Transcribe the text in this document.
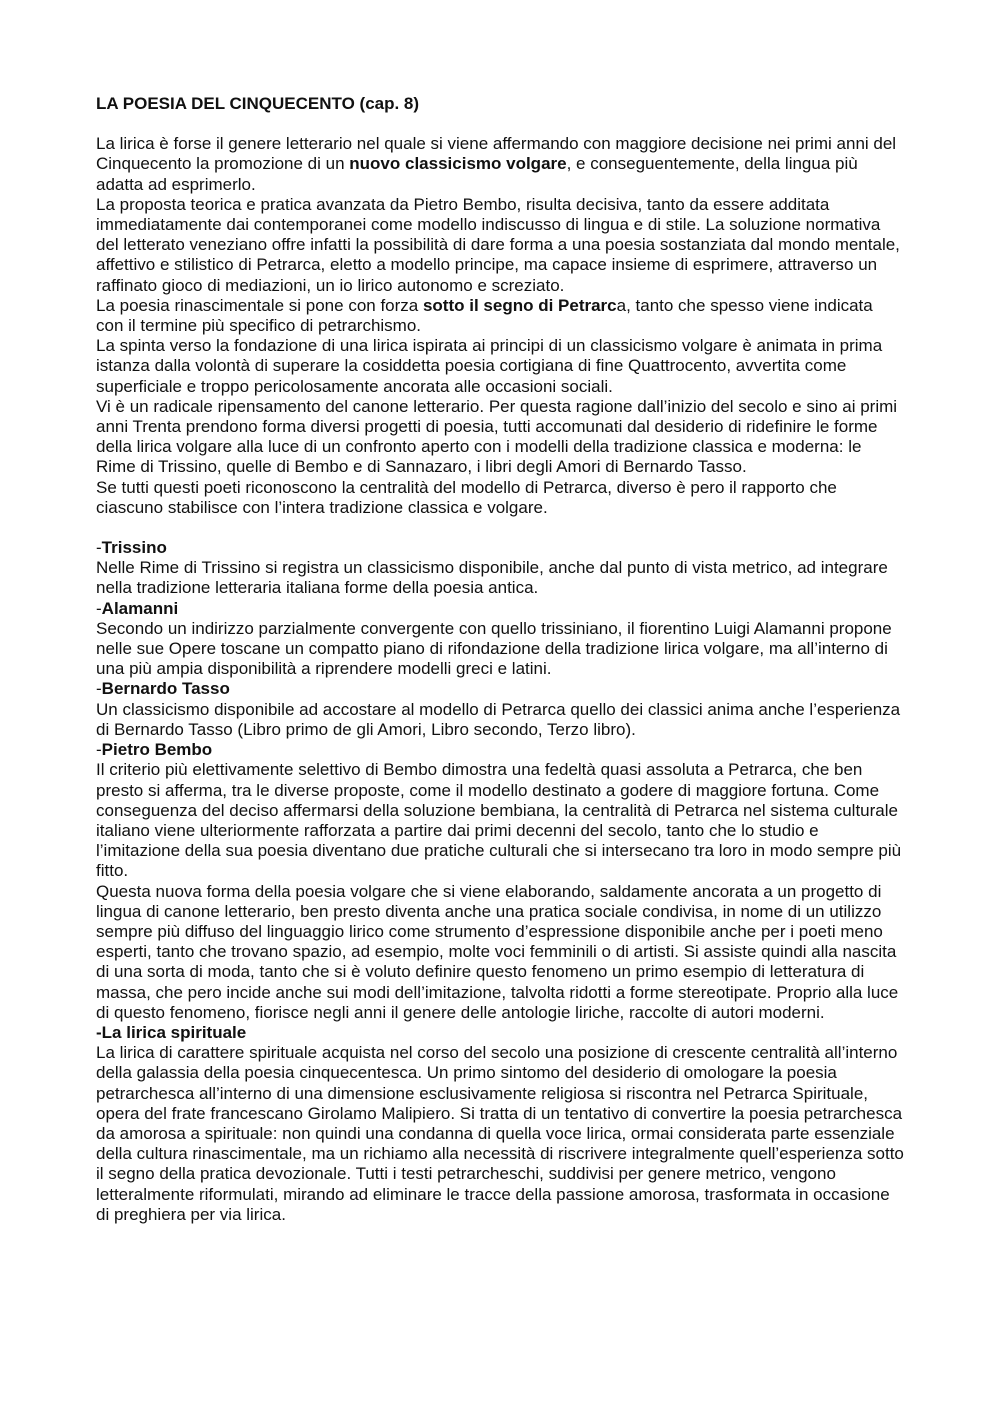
LA POESIA DEL CINQUECENTO (cap. 8)

La lirica è forse il genere letterario nel quale si viene affermando con maggiore decisione nei primi anni del Cinquecento la promozione di un nuovo classicismo volgare, e conseguentemente, della lingua più adatta ad esprimerlo.

La proposta teorica e pratica avanzata da Pietro Bembo, risulta decisiva, tanto da essere additata immediatamente dai contemporanei come modello indiscusso di lingua e di stile. La soluzione normativa del letterato veneziano offre infatti la possibilità di dare forma a una poesia sostanziata dal mondo mentale, affettivo e stilistico di Petrarca, eletto a modello principe, ma capace insieme di esprimere, attraverso un raffinato gioco di mediazioni, un io lirico autonomo e screziato.

La poesia rinascimentale si pone con forza sotto il segno di Petrarca, tanto che spesso viene indicata con il termine più specifico di petrarchismo.

La spinta verso la fondazione di una lirica ispirata ai principi di un classicismo volgare è animata in prima istanza dalla volontà di superare la cosiddetta poesia cortigiana di fine Quattrocento, avvertita come superficiale e troppo pericolosamente ancorata alle occasioni sociali.

Vi è un radicale ripensamento del canone letterario. Per questa ragione dall’inizio del secolo e sino ai primi anni Trenta prendono forma diversi progetti di poesia, tutti accomunati dal desiderio di ridefinire le forme della lirica volgare alla luce di un confronto aperto con i modelli della tradizione classica e moderna: le Rime di Trissino, quelle di Bembo e di Sannazaro, i libri degli Amori di Bernardo Tasso.

Se tutti questi poeti riconoscono la centralità del modello di Petrarca, diverso è pero il rapporto che ciascuno stabilisce con l’intera tradizione classica e volgare.

-Trissino

Nelle Rime di Trissino si registra un classicismo disponibile, anche dal punto di vista metrico, ad integrare nella tradizione letteraria italiana forme della poesia antica.

-Alamanni

Secondo un indirizzo parzialmente convergente con quello trissiniano, il fiorentino Luigi Alamanni propone nelle sue Opere toscane un compatto piano di rifondazione della tradizione lirica volgare, ma all’interno di una più ampia disponibilità a riprendere modelli greci e latini.

-Bernardo Tasso

Un classicismo disponibile ad accostare al modello di Petrarca quello dei classici anima anche l’esperienza di Bernardo Tasso (Libro primo de gli Amori, Libro secondo, Terzo libro).

-Pietro Bembo

Il criterio più elettivamente selettivo di Bembo dimostra una fedeltà quasi assoluta a Petrarca, che ben presto si afferma, tra le diverse proposte, come il modello destinato a godere di maggiore fortuna. Come conseguenza del deciso affermarsi della soluzione bembiana, la centralità di Petrarca nel sistema culturale italiano viene ulteriormente rafforzata a partire dai primi decenni del secolo, tanto che lo studio e l’imitazione della sua poesia diventano due pratiche culturali che si intersecano tra loro in modo sempre più fitto.

Questa nuova forma della poesia volgare che si viene elaborando, saldamente ancorata a un progetto di lingua di canone letterario, ben presto diventa anche una pratica sociale condivisa, in nome di un utilizzo sempre più diffuso del linguaggio lirico come strumento d’espressione disponibile anche per i poeti meno esperti, tanto che trovano spazio, ad esempio, molte voci femminili o di artisti. Si assiste quindi alla nascita di una sorta di moda, tanto che si è voluto definire questo fenomeno un primo esempio di letteratura di massa, che pero incide anche sui modi dell’imitazione, talvolta ridotti a forme stereotipate. Proprio alla luce di questo fenomeno, fiorisce negli anni il genere delle antologie liriche, raccolte di autori moderni.

-La lirica spirituale

La lirica di carattere spirituale acquista nel corso del secolo una posizione di crescente centralità all’interno della galassia della poesia cinquecentesca. Un primo sintomo del desiderio di omologare la poesia petrarchesca all’interno di una dimensione esclusivamente religiosa si riscontra nel Petrarca Spirituale, opera del frate francescano Girolamo Malipiero. Si tratta di un tentativo di convertire la poesia petrarchesca da amorosa a spirituale: non quindi una condanna di quella voce lirica, ormai considerata parte essenziale della cultura rinascimentale, ma un richiamo alla necessità di riscrivere integralmente quell’esperienza sotto il segno della pratica devozionale. Tutti i testi petrarcheschi, suddivisi per genere metrico, vengono letteralmente riformulati, mirando ad eliminare le tracce della passione amorosa, trasformata in occasione di preghiera per via lirica.
